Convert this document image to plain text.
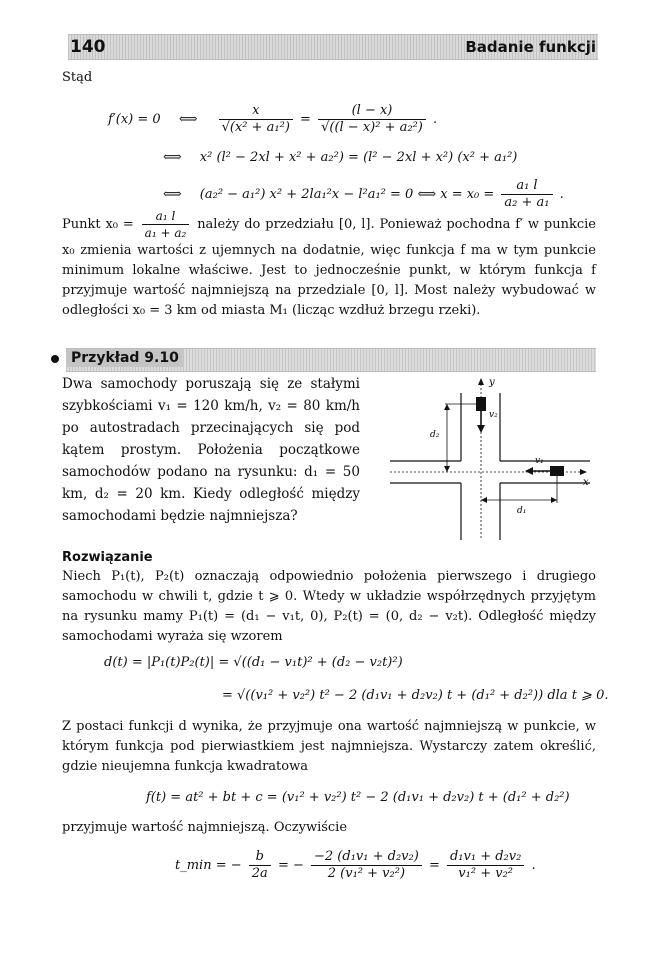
140	Badanie funkcji

Stąd

f′(x) = 0 ⟺ $\frac{x}{\text{√(x² + a₁²)}} = \frac{(l - x)}{\text{√((l − x)² + a₂²)}}$ .
⟺ x² (l² − 2xl + x² + a₂²) = (l² − 2xl + x²) (x² + a₁²)
⟺ (a₂² − a₁²) x² + 2la₁²x − l²a₁² = 0 ⟺ $x = x_0 = \frac{\text{a₁ l}}{\text{a₂ + a₁}}$ .
Punkt $x_0 = \frac{\text{a₁ l}}{\text{a₁ + a₂}}$ należy do przedziału [0, l]. Ponieważ pochodna f′ w punkcie x₀ zmienia wartości z ujemnych na dodatnie, więc funkcja f ma w tym punkcie minimum lokalne właściwe. Jest to jednocześnie punkt, w którym funkcja f przyjmuje wartość najmniejszą na przedziale [0, l]. Most należy wybudować w odległości x₀ = 3 km od miasta M₁ (licząc wzdłuż brzegu rzeki).
Przykład 9.10

Dwa samochody poruszają się ze stałymi szybkościami v₁ = 120 km/h, v₂ = 80 km/h po autostradach przecinających się pod kątem prostym. Położenia początkowe samochodów podano na rysunku: d₁ = 50 km, d₂ = 20 km. Kiedy odległość między samochodami będzie najmniejsza?

y
x
v₂
d₂
v₁
d₁
Rozwiązanie

Niech P₁(t), P₂(t) oznaczają odpowiednio położenia pierwszego i drugiego samochodu w chwili t, gdzie t ⩾ 0. Wtedy w układzie współrzędnych przyjętym na rysunku mamy P₁(t) = (d₁ − v₁t, 0), P₂(t) = (0, d₂ − v₂t). Odległość między samochodami wyraża się wzorem

d(t) = |P₁(t)P₂(t)| = √((d₁ − v₁t)² + (d₂ − v₂t)²)
= √((v₁² + v₂²) t² − 2 (d₁v₁ + d₂v₂) t + (d₁² + d₂²)) dla t ⩾ 0.

Z postaci funkcji d wynika, że przyjmuje ona wartość najmniejszą w punkcie, w którym funkcja pod pierwiastkiem jest najmniejsza. Wystarczy zatem określić, gdzie nieujemna funkcja kwadratowa

f(t) = at² + bt + c = (v₁² + v₂²) t² − 2 (d₁v₁ + d₂v₂) t + (d₁² + d₂²)

przyjmuje wartość najmniejszą. Oczywiście

t_min = − $\frac{b}{2a}$ = − $\frac{\text{−2 (d₁v₁ + d₂v₂)}}{\text{2 (v₁² + v₂²)}} = \frac{\text{d₁v₁ + d₂v₂}}{\text{v₁² + v₂²}}$ .
